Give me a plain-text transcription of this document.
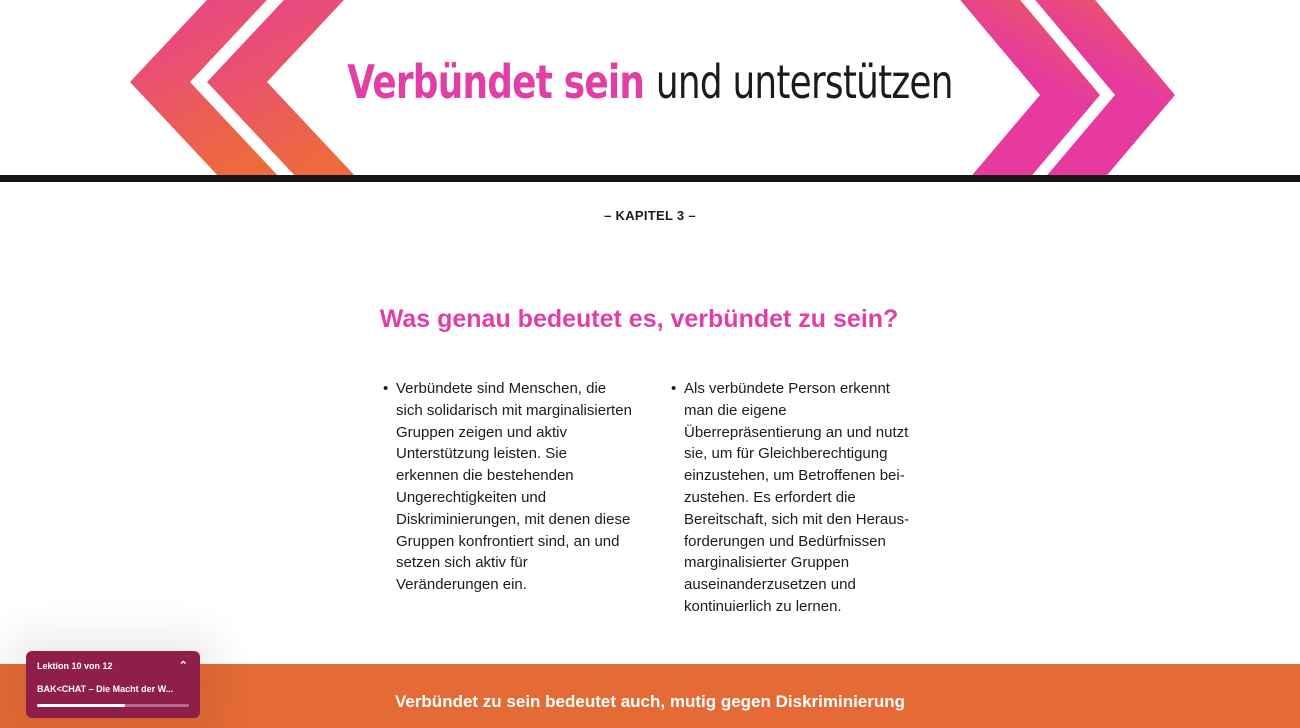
Verbündet sein und unterstützen
– KAPITEL 3 –
Was genau bedeutet es, verbündet zu sein?
• Verbündete sind Menschen, die sich solidarisch mit marginalisierten Gruppen zeigen und aktiv Unterstützung leisten. Sie erkennen die bestehenden Ungerechtigkeiten und Diskriminierungen, mit denen diese Gruppen konfrontiert sind, an und setzen sich aktiv für Veränderungen ein.
• Als verbündete Person erkennt man die eigene Überrepräsentierung an und nutzt sie, um für Gleichberechtigung einzustehen, um Betroffenen bei-zustehen. Es erfordert die Bereitschaft, sich mit den Heraus-forderungen und Bedürfnissen marginalisierter Gruppen auseinanderzusetzen und kontinuierlich zu lernen.
Verbündet zu sein bedeutet auch, mutig gegen Diskriminierung
Lektion 10 von 12	⌃
BAK<CHAT – Die Macht der W...
